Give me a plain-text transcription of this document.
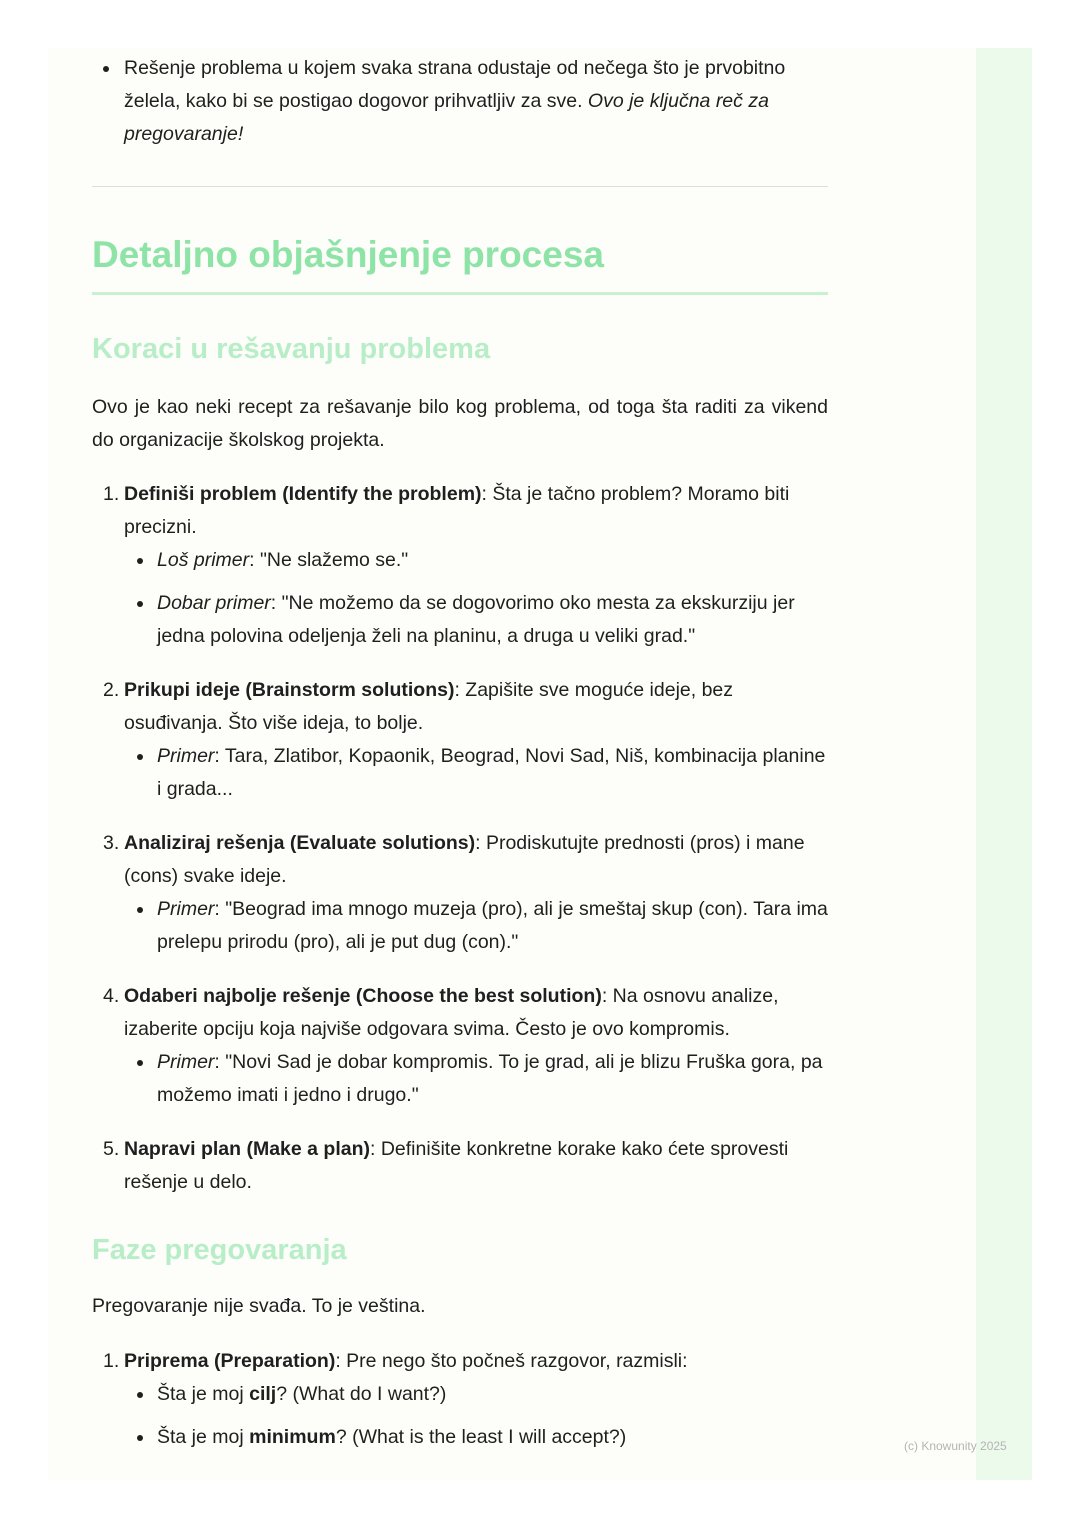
Rešenje problema u kojem svaka strana odustaje od nečega što je prvobitno želela, kako bi se postigao dogovor prihvatljiv za sve. Ovo je ključna reč za pregovaranje!
Detaljno objašnjenje procesa
Koraci u rešavanju problema

Ovo je kao neki recept za rešavanje bilo kog problema, od toga šta raditi za vikend do organizacije školskog projekta.

1. Definiši problem (Identify the problem): Šta je tačno problem? Moramo biti precizni.
Loš primer: "Ne slažemo se."
Dobar primer: "Ne možemo da se dogovorimo oko mesta za ekskurziju jer jedna polovina odeljenja želi na planinu, a druga u veliki grad."
2. Prikupi ideje (Brainstorm solutions): Zapišite sve moguće ideje, bez osuđivanja. Što više ideja, to bolje.
Primer: Tara, Zlatibor, Kopaonik, Beograd, Novi Sad, Niš, kombinacija planine i grada...
3. Analiziraj rešenja (Evaluate solutions): Prodiskutujte prednosti (pros) i mane (cons) svake ideje.
Primer: "Beograd ima mnogo muzeja (pro), ali je smeštaj skup (con). Tara ima prelepu prirodu (pro), ali je put dug (con)."
4. Odaberi najbolje rešenje (Choose the best solution): Na osnovu analize, izaberite opciju koja najviše odgovara svima. Često je ovo kompromis.
Primer: "Novi Sad je dobar kompromis. To je grad, ali je blizu Fruška gora, pa možemo imati i jedno i drugo."
5. Napravi plan (Make a plan): Definišite konkretne korake kako ćete sprovesti rešenje u delo.
Faze pregovaranja

Pregovaranje nije svađa. To je veština.

1. Priprema (Preparation): Pre nego što počneš razgovor, razmisli:
Šta je moj cilj? (What do I want?)
Šta je moj minimum? (What is the least I will accept?)	(c) Knowunity 2025
